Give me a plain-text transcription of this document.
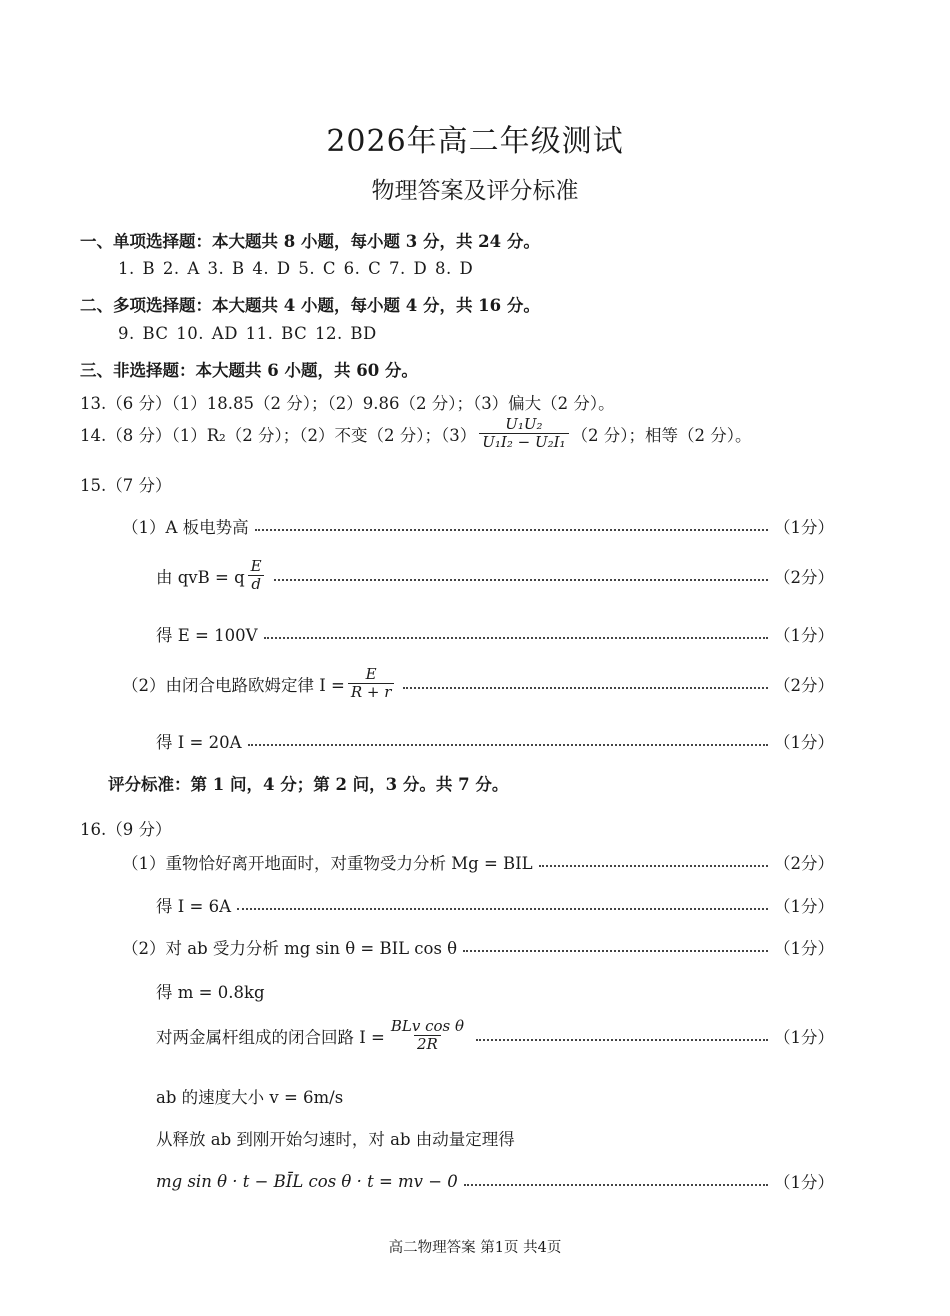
2026年高二年级测试
物理答案及评分标准
一、单项选择题：本大题共 8 小题，每小题 3 分，共 24 分。
1. B 2. A 3. B 4. D 5. C 6. C 7. D 8. D
二、多项选择题：本大题共 4 小题，每小题 4 分，共 16 分。
9. BC 10. AD 11. BC 12. BD
三、非选择题：本大题共 6 小题，共 60 分。
13.（6 分）（1）18.85（2 分）；（2）9.86（2 分）；（3）偏大（2 分）。
14.（8 分）（1）R₂（2 分）；（2）不变（2 分）；$(3) \frac{\text{U₁U₂}}{\text{U₁I₂ − U₂I₁}} (2$ 分）；相等（2 分）。
15.（7 分）
（1）A 板电势高	（1分）
由 qvB = q $\frac{E}{d}$	（2分）
得 E = 100V	（1分）
（2）由闭合电路欧姆定律 $I = \frac{E}{R + r}$	（2分）
得 I = 20A	（1分）
评分标准：第 1 问，4 分；第 2 问，3 分。共 7 分。
16.（9 分）
（1）重物恰好离开地面时，对重物受力分析 Mg = BIL	（2分）
得 I = 6A	（1分）
（2）对 ab 受力分析 mg sin θ = BIL cos θ	（1分）
得 m = 0.8kg
对两金属杆组成的闭合回路 $I = \frac{\text{BLv cos θ}}{2R}$	（1分）
ab 的速度大小 v = 6m/s
从释放 ab 到刚开始匀速时，对 ab 由动量定理得
mg sin θ · t − BĪL cos θ · t = mv − 0	（1分）
高二物理答案 第1页 共4页
